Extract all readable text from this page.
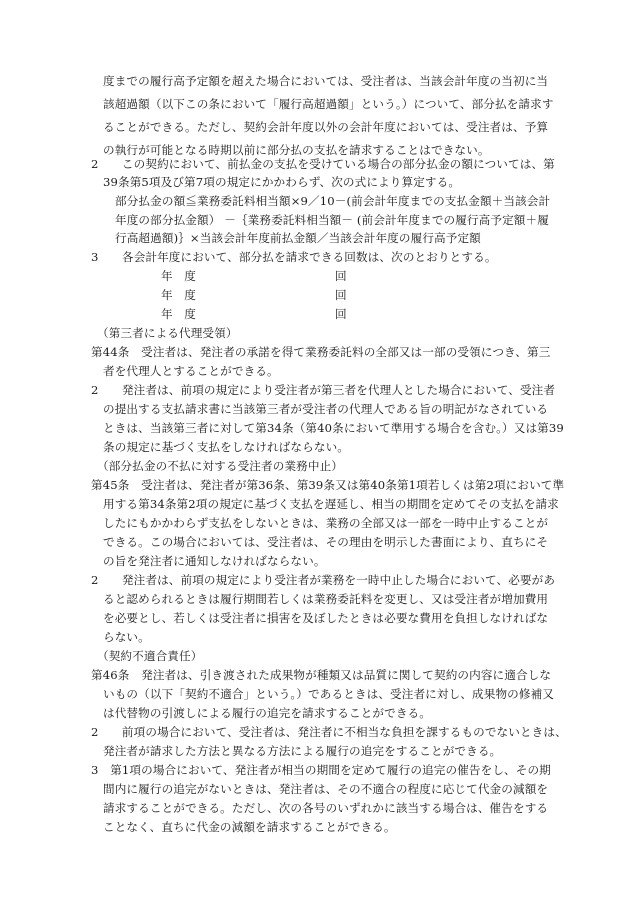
度までの履行高予定額を超えた場合においては、受注者は、当該会計年度の当初に当
該超過額（以下この条において「履行高超過額」という。）について、部分払を請求す
ることができる。ただし、契約会計年度以外の会計年度においては、受注者は、予算
の執行が可能となる時期以前に部分払の支払を請求することはできない。
2　　この契約において、前払金の支払を受けている場合の部分払金の額については、第
39条第5項及び第7項の規定にかかわらず、次の式により算定する。
部分払金の額≦業務委託料相当額×9／10－(前会計年度までの支払金額＋当該会計
年度の部分払金額） －｛業務委託料相当額－ (前会計年度までの履行高予定額＋履
行高超過額)｝×当該会計年度前払金額／当該会計年度の履行高予定額
3　　各会計年度において、部分払を請求できる回数は、次のとおりとする。
年　度	回
年　度	回
年　度	回
（第三者による代理受領）
第44条　受注者は、発注者の承諾を得て業務委託料の全部又は一部の受領につき、第三
者を代理人とすることができる。
2　　発注者は、前項の規定により受注者が第三者を代理人とした場合において、受注者
の提出する支払請求書に当該第三者が受注者の代理人である旨の明記がなされている
ときは、当該第三者に対して第34条（第40条において準用する場合を含む。）又は第39
条の規定に基づく支払をしなければならない。
（部分払金の不払に対する受注者の業務中止）
第45条　受注者は、発注者が第36条、第39条又は第40条第1項若しくは第2項において準
用する第34条第2項の規定に基づく支払を遅延し、相当の期間を定めてその支払を請求
したにもかかわらず支払をしないときは、業務の全部又は一部を一時中止することが
できる。この場合においては、受注者は、その理由を明示した書面により、直ちにそ
の旨を発注者に通知しなければならない。
2　　発注者は、前項の規定により受注者が業務を一時中止した場合において、必要があ
ると認められるときは履行期間若しくは業務委託料を変更し、又は受注者が増加費用
を必要とし、若しくは受注者に損害を及ぼしたときは必要な費用を負担しなければな
らない。
（契約不適合責任）
第46条　発注者は、引き渡された成果物が種類又は品質に関して契約の内容に適合しな
いもの（以下「契約不適合」という。）であるときは、受注者に対し、成果物の修補又
は代替物の引渡しによる履行の追完を請求することができる。
2　　前項の場合において、受注者は、発注者に不相当な負担を課するものでないときは、
発注者が請求した方法と異なる方法による履行の追完をすることができる。
3　第1項の場合において、発注者が相当の期間を定めて履行の追完の催告をし、その期
間内に履行の追完がないときは、発注者は、その不適合の程度に応じて代金の減額を
請求することができる。ただし、次の各号のいずれかに該当する場合は、催告をする
ことなく、直ちに代金の減額を請求することができる。
